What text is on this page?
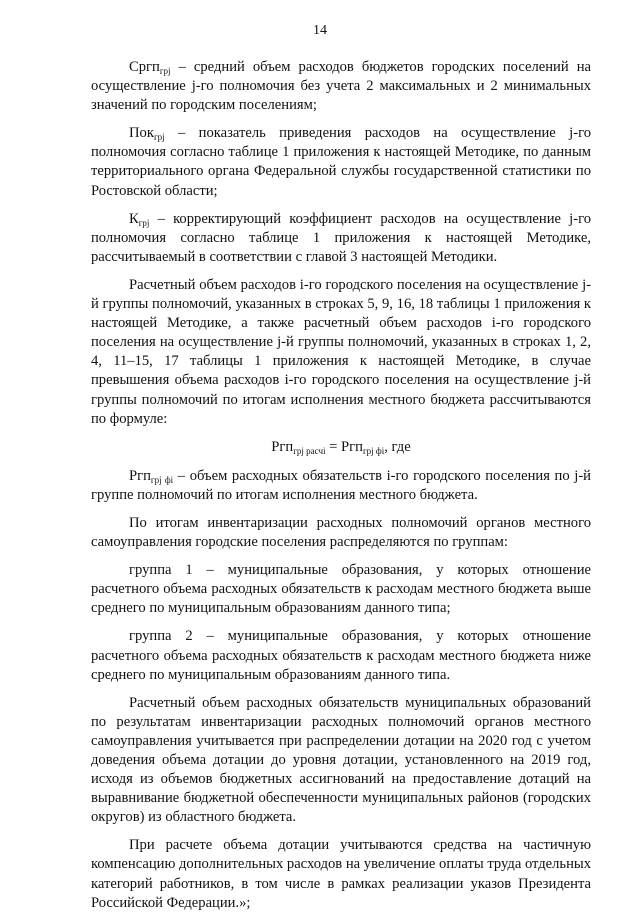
14

Сргп$_{грj}$ – средний объем расходов бюджетов городских поселений на осуществление j-го полномочия без учета 2 максимальных и 2 минимальных значений по городским поселениям;

Пок$_{грj}$ – показатель приведения расходов на осуществление j-го полномочия согласно таблице 1 приложения к настоящей Методике, по данным территориального органа Федеральной службы государственной статистики по Ростовской области;

$К_{грj}$ – корректирующий коэффициент расходов на осуществление j-го полномочия согласно таблице 1 приложения к настоящей Методике, рассчитываемый в соответствии с главой 3 настоящей Методики.

Расчетный объем расходов i-го городского поселения на осуществление j-й группы полномочий, указанных в строках 5, 9, 16, 18 таблицы 1 приложения к настоящей Методике, а также расчетный объем расходов i-го городского поселения на осуществление j-й группы полномочий, указанных в строках 1, 2, 4, 11–15, 17 таблицы 1 приложения к настоящей Методике, в случае превышения объема расходов i-го городского поселения на осуществление j-й группы полномочий по итогам исполнения местного бюджета рассчитываются по формуле:

Ргп$_{грj расчi}$ = Ргп$_{грj фi}$, где

Ргп$_{грj фi}$ – объем расходных обязательств i-го городского поселения по j-й группе полномочий по итогам исполнения местного бюджета.

По итогам инвентаризации расходных полномочий органов местного самоуправления городские поселения распределяются по группам:

группа 1 – муниципальные образования, у которых отношение расчетного объема расходных обязательств к расходам местного бюджета выше среднего по муниципальным образованиям данного типа;

группа 2 – муниципальные образования, у которых отношение расчетного объема расходных обязательств к расходам местного бюджета ниже среднего по муниципальным образованиям данного типа.

Расчетный объем расходных обязательств муниципальных образований по результатам инвентаризации расходных полномочий органов местного самоуправления учитывается при распределении дотации на 2020 год с учетом доведения объема дотации до уровня дотации, установленного на 2019 год, исходя из объемов бюджетных ассигнований на предоставление дотаций на выравнивание бюджетной обеспеченности муниципальных районов (городских округов) из областного бюджета.

При расчете объема дотации учитываются средства на частичную компенсацию дополнительных расходов на увеличение оплаты труда отдельных категорий работников, в том числе в рамках реализации указов Президента Российской Федерации.»;
